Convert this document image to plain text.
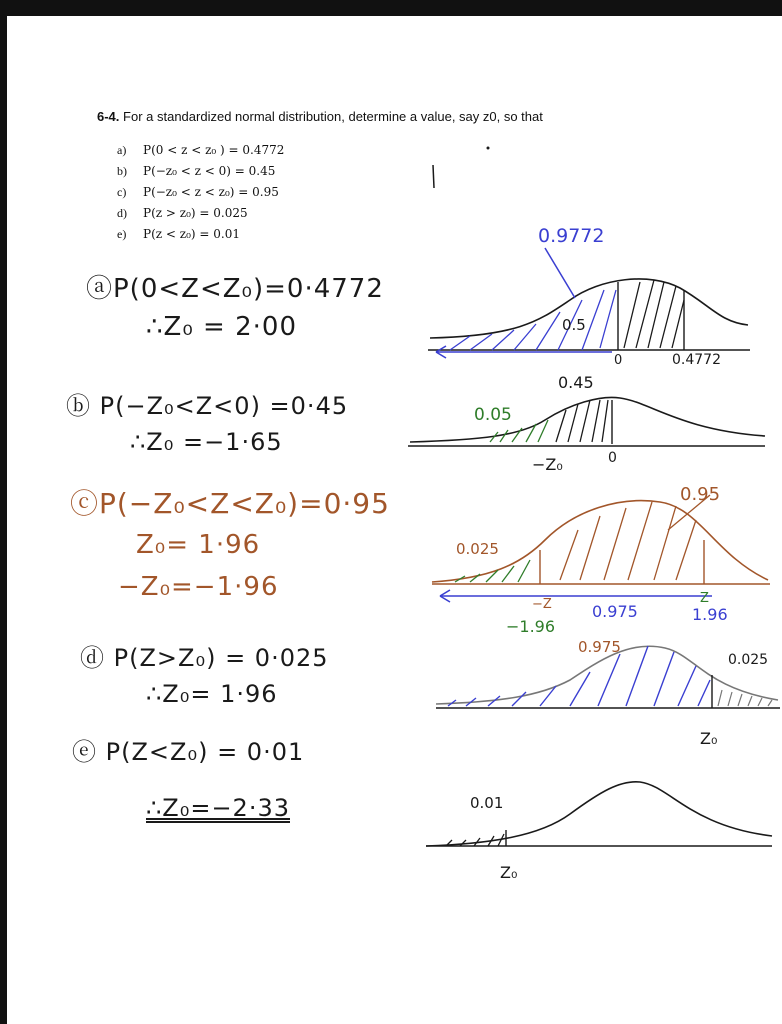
6-4. For a standardized normal distribution, determine a value, say z0, so that
a) P(0 < z < z₀ ) = 0.4772
b) P(−z₀ < z < 0) = 0.45
c) P(−z₀ < z < z₀) = 0.95
d) P(z > z₀) = 0.025
e) P(z < z₀) = 0.01
ⓐP(0<Z<Z₀)=0·4772
∴Z₀ = 2·00
ⓑ P(−Z₀<Z<0) =0·45
∴Z₀ =−1·65
ⓒP(−Z₀<Z<Z₀)=0·95
Z₀= 1·96
−Z₀=−1·96
ⓓ P(Z>Z₀) = 0·025
∴Z₀= 1·96
ⓔ P(Z<Z₀) = 0·01
∴Z₀=−2·33
0.9772
0.5
0	0.4772
0.05
0.45
−Z₀	0
0.95
0.025
−Z
−1.96
0.975
Z
1.96
0.975
0.025
Z₀
0.01
Z₀
